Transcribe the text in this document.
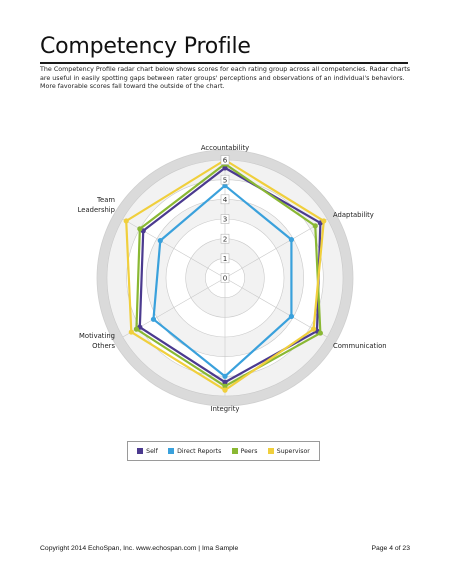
Competency Profile
The Competency Profile radar chart below shows scores for each rating group across all competencies. Radar charts are useful in easily spotting gaps between rater groups' perceptions and observations of an individual's behaviors. More favorable scores fall toward the outside of the chart.
0
1
2
3
4
5
6
Accountability
Adaptability
Communication
Integrity
Motivating
Others
Team
Leadership
Self	Direct Reports	Peers	Supervisor
Copyright 2014 EchoSpan, Inc. www.echospan.com | Ima Sample	Page 4 of 23
